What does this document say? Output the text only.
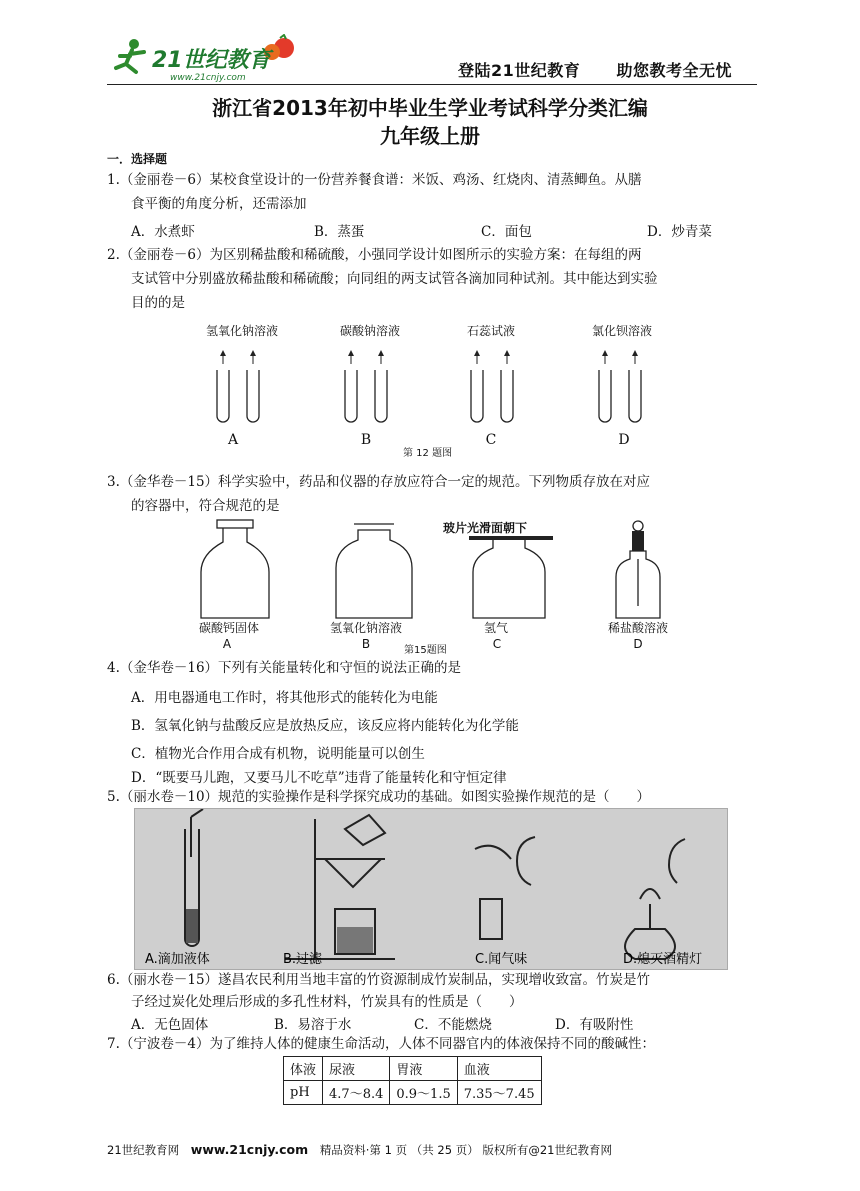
21世纪教育
www.21cnjy.com	登陆21世纪教育 助您教考全无忧
浙江省2013年初中毕业生学业考试科学分类汇编
九年级上册
一．选择题
1.（金丽卷－6）某校食堂设计的一份营养餐食谱：米饭、鸡汤、红烧肉、清蒸鲫鱼。从膳
食平衡的角度分析，还需添加
A．水煮虾	B．蒸蛋	C．面包	D．炒青菜
2.（金丽卷－6）为区别稀盐酸和稀硫酸，小强同学设计如图所示的实验方案：在每组的两
支试管中分别盛放稀盐酸和稀硫酸；向同组的两支试管各滴加同种试剂。其中能达到实验
目的的是
氢氧化钠溶液	碳酸钠溶液	石蕊试液	氯化钡溶液
A	B	C	D
第 12 题图
3.（金华卷－15）科学实验中，药品和仪器的存放应符合一定的规范。下列物质存放在对应
的容器中，符合规范的是
玻片光滑面朝下
碳酸钙固体	氢氧化钠溶液	氢气	稀盐酸溶液
A	B	C	D
第15题图
4.（金华卷－16）下列有关能量转化和守恒的说法正确的是
A．用电器通电工作时，将其他形式的能转化为电能
B．氢氧化钠与盐酸反应是放热反应，该反应将内能转化为化学能
C．植物光合作用合成有机物，说明能量可以创生
D．“既要马儿跑，又要马儿不吃草”违背了能量转化和守恒定律
5.（丽水卷－10）规范的实验操作是科学探究成功的基础。如图实验操作规范的是（　　）
A.滴加液体	B.过滤	C.闻气味	D.熄灭酒精灯
6.（丽水卷－15）遂昌农民利用当地丰富的竹资源制成竹炭制品，实现增收致富。竹炭是竹
子经过炭化处理后形成的多孔性材料，竹炭具有的性质是（　　）
A．无色固体	B．易溶于水	C．不能燃烧	D．有吸附性
7.（宁波卷－4）为了维持人体的健康生命活动，人体不同器官内的体液保持不同的酸碱性：
体液	尿液	胃液	血液
pH	4.7～8.4	0.9～1.5	7.35～7.45
21世纪教育网 www.21cnjy.com 精品资料·第 1 页 （共 25 页） 版权所有@21世纪教育网
